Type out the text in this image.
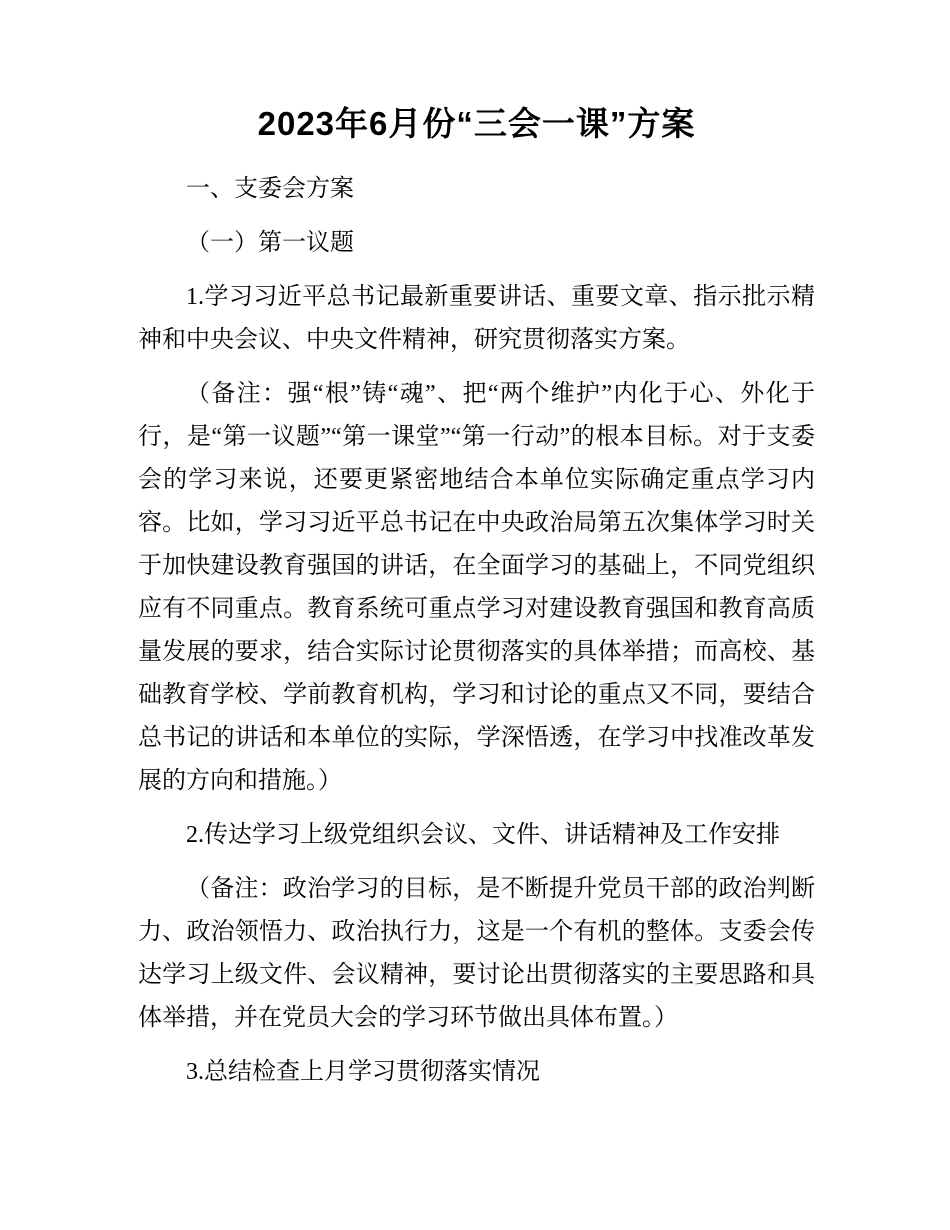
2023年6月份“三会一课”方案

一、支委会方案

（一）第一议题

1.学习习近平总书记最新重要讲话、重要文章、指示批示精神和中央会议、中央文件精神，研究贯彻落实方案。

（备注：强“根”铸“魂”、把“两个维护”内化于心、外化于行，是“第一议题”“第一课堂”“第一行动”的根本目标。对于支委会的学习来说，还要更紧密地结合本单位实际确定重点学习内容。比如，学习习近平总书记在中央政治局第五次集体学习时关于加快建设教育强国的讲话，在全面学习的基础上，不同党组织应有不同重点。教育系统可重点学习对建设教育强国和教育高质量发展的要求，结合实际讨论贯彻落实的具体举措；而高校、基础教育学校、学前教育机构，学习和讨论的重点又不同，要结合总书记的讲话和本单位的实际，学深悟透，在学习中找准改革发展的方向和措施。）

2.传达学习上级党组织会议、文件、讲话精神及工作安排

（备注：政治学习的目标，是不断提升党员干部的政治判断力、政治领悟力、政治执行力，这是一个有机的整体。支委会传达学习上级文件、会议精神，要讨论出贯彻落实的主要思路和具体举措，并在党员大会的学习环节做出具体布置。）

3.总结检查上月学习贯彻落实情况
